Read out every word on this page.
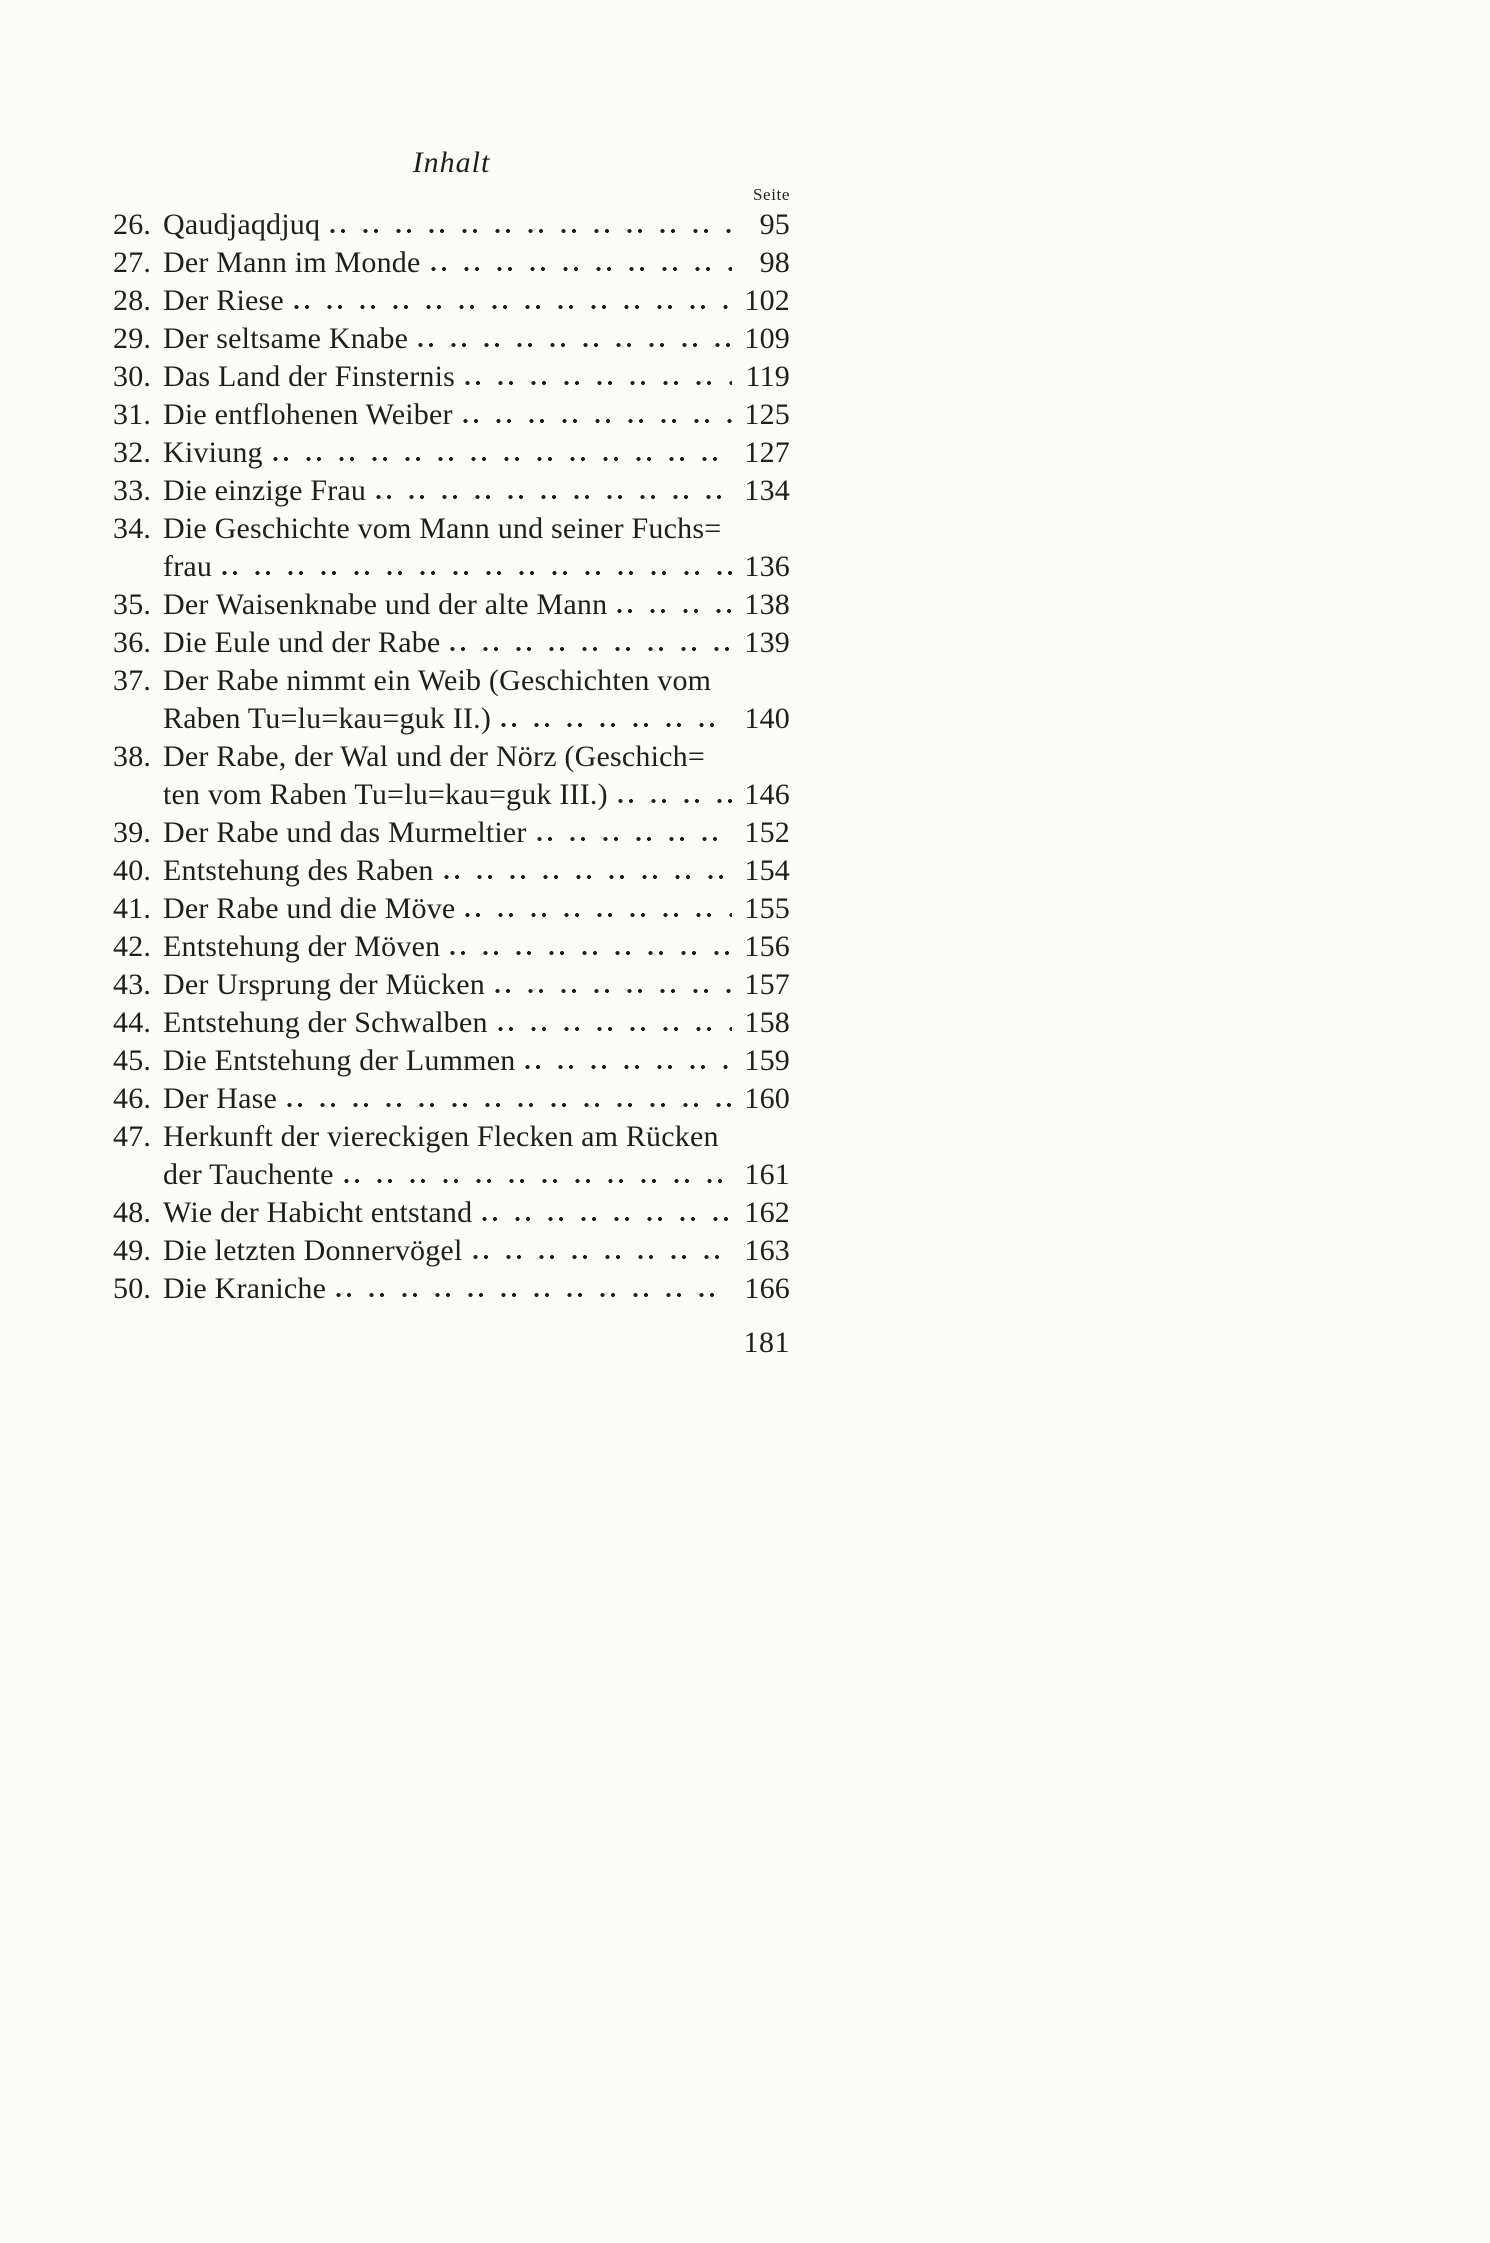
Inhalt
Seite
26. Qaudjaqdjuq	95
27. Der Mann im Monde	98
28. Der Riese	102
29. Der seltsame Knabe	109
30. Das Land der Finsternis	119
31. Die entflohenen Weiber	125
32. Kiviung	127
33. Die einzige Frau	134
34. Die Geschichte vom Mann und seiner Fuchs=
frau	136
35. Der Waisenknabe und der alte Mann	138
36. Die Eule und der Rabe	139
37. Der Rabe nimmt ein Weib (Geschichten vom
Raben Tu=lu=kau=guk II.)	140
38. Der Rabe, der Wal und der Nörz (Geschich=
ten vom Raben Tu=lu=kau=guk III.)	146
39. Der Rabe und das Murmeltier	152
40. Entstehung des Raben	154
41. Der Rabe und die Möve	155
42. Entstehung der Möven	156
43. Der Ursprung der Mücken	157
44. Entstehung der Schwalben	158
45. Die Entstehung der Lummen	159
46. Der Hase	160
47. Herkunft der viereckigen Flecken am Rücken
der Tauchente	161
48. Wie der Habicht entstand	162
49. Die letzten Donnervögel	163
50. Die Kraniche	166
181
